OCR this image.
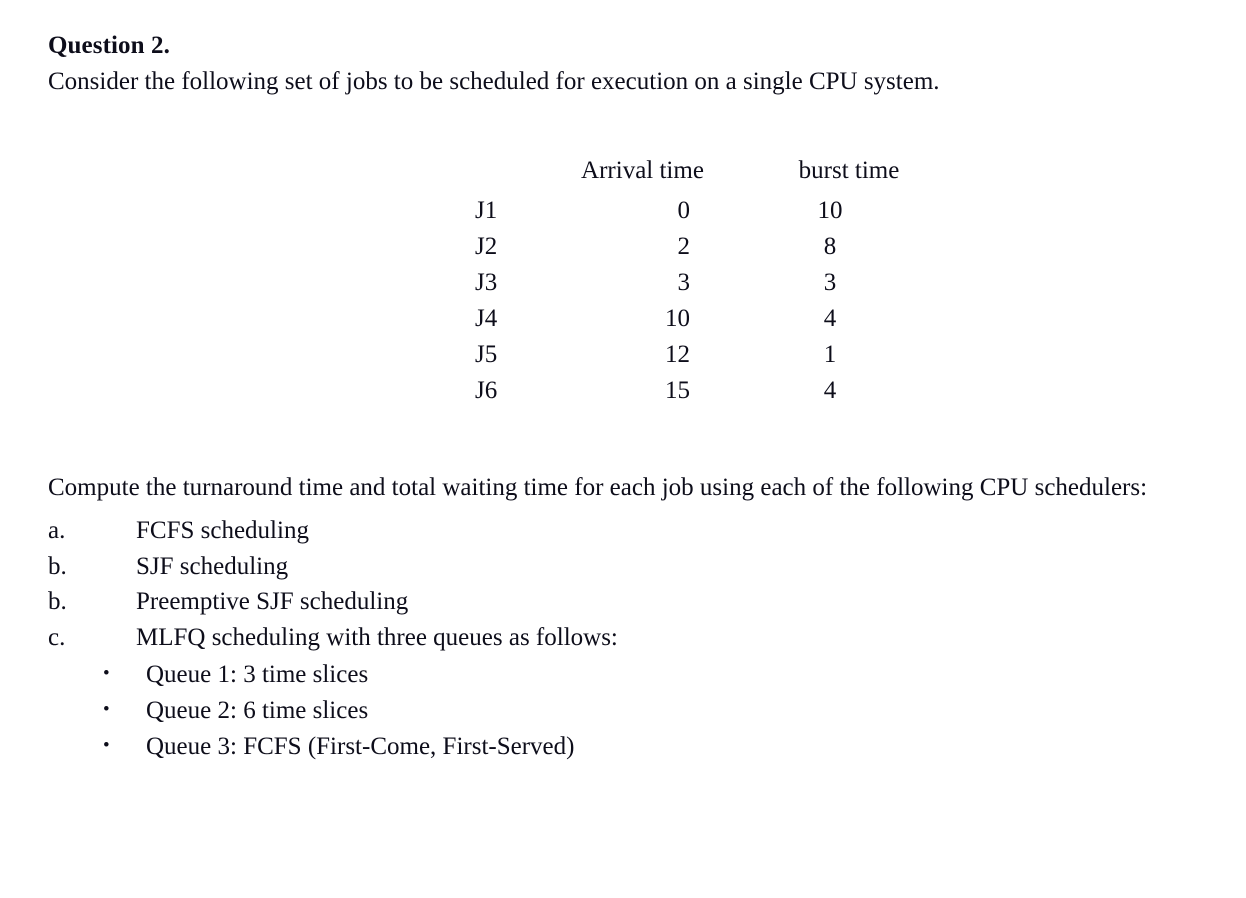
Question 2.
Consider the following set of jobs to be scheduled for execution on a single CPU system.
	Arrival time	burst time
J1	0	10
J2	2	8
J3	3	3
J4	10	4
J5	12	1
J6	15	4
Compute the turnaround time and total waiting time for each job using each of the following CPU schedulers:
a.	FCFS scheduling
b.	SJF scheduling
b.	Preemptive SJF scheduling
c.	MLFQ scheduling with three queues as follows:
•	Queue 1: 3 time slices
•	Queue 2: 6 time slices
•	Queue 3: FCFS (First-Come, First-Served)
